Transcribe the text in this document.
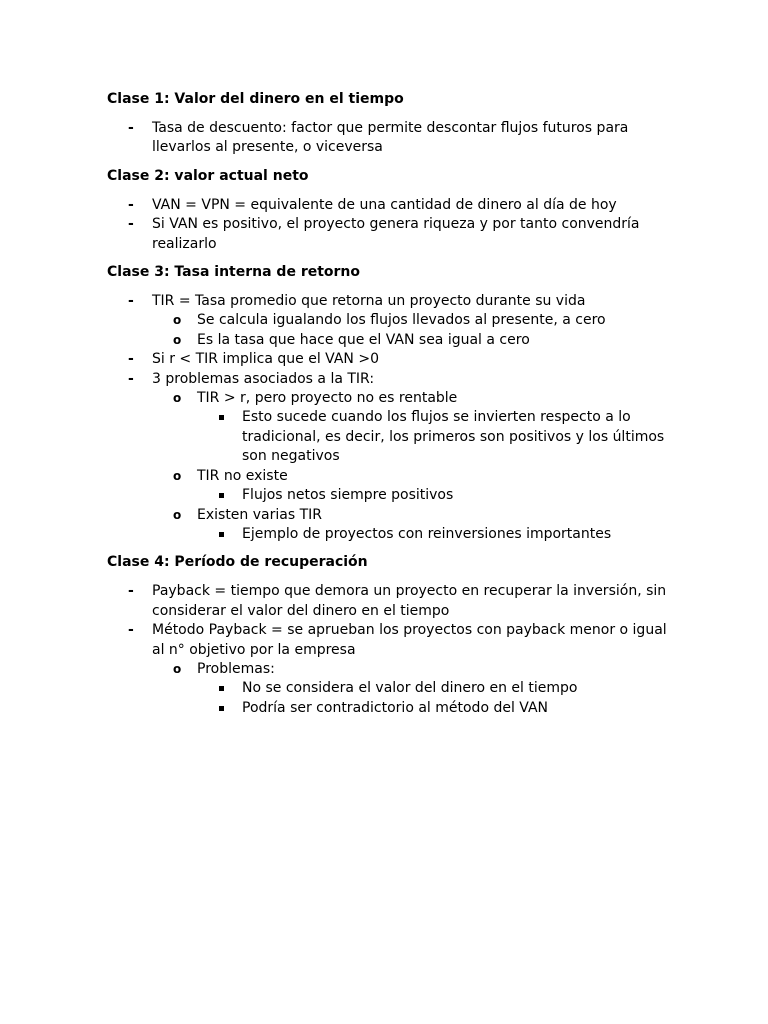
Clase 1: Valor del dinero en el tiempo
- Tasa de descuento: factor que permite descontar flujos futuros para llevarlos al presente, o viceversa
Clase 2: valor actual neto
- VAN = VPN = equivalente de una cantidad de dinero al día de hoy
- Si VAN es positivo, el proyecto genera riqueza y por tanto convendría realizarlo
Clase 3: Tasa interna de retorno
- TIR = Tasa promedio que retorna un proyecto durante su vida
o Se calcula igualando los flujos llevados al presente, a cero
o Es la tasa que hace que el VAN sea igual a cero
- Si r < TIR implica que el VAN >0
- 3 problemas asociados a la TIR:
o TIR > r, pero proyecto no es rentable
Esto sucede cuando los flujos se invierten respecto a lo tradicional, es decir, los primeros son positivos y los últimos son negativos
o TIR no existe
Flujos netos siempre positivos
o Existen varias TIR
Ejemplo de proyectos con reinversiones importantes
Clase 4: Período de recuperación
- Payback = tiempo que demora un proyecto en recuperar la inversión, sin considerar el valor del dinero en el tiempo
- Método Payback = se aprueban los proyectos con payback menor o igual al n° objetivo por la empresa
o Problemas:
No se considera el valor del dinero en el tiempo
Podría ser contradictorio al método del VAN
